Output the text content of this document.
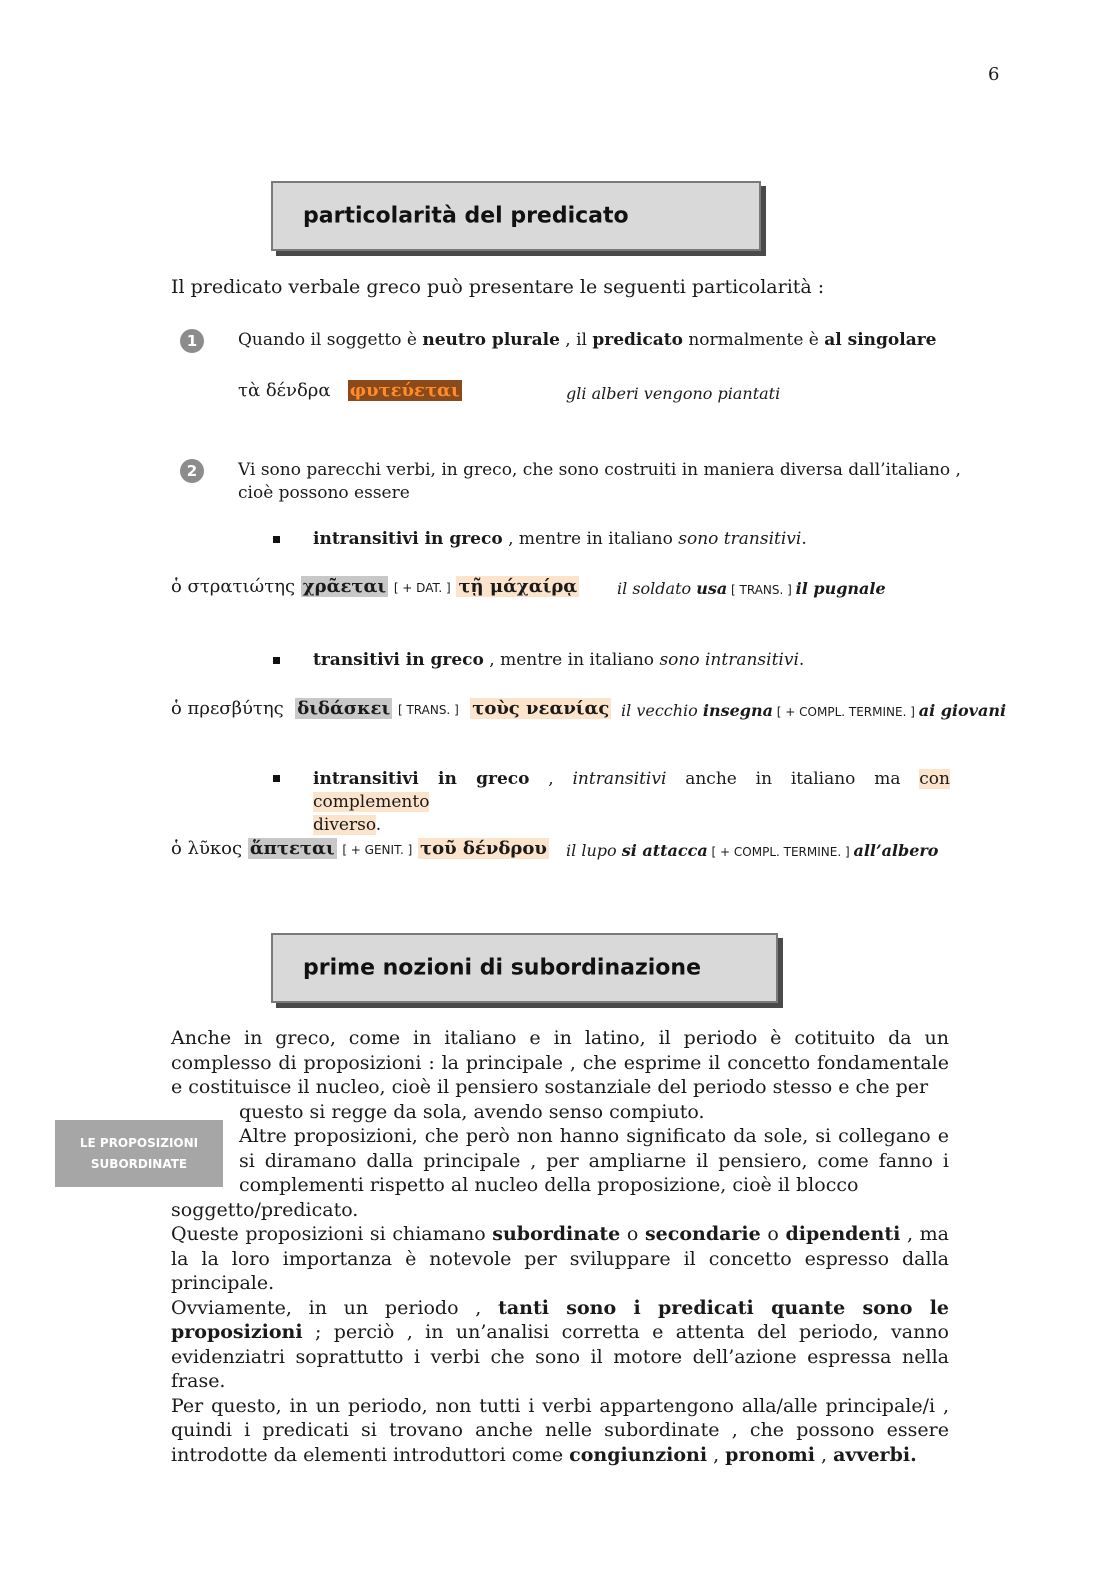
6
particolarità del predicato
Il predicato verbale greco può presentare le seguenti particolarità :
1	Quando il soggetto è neutro plurale , il predicato normalmente è al singolare
τὰ δένδρα φυτεύεται	gli alberi vengono piantati
2	Vi sono parecchi verbi, in greco, che sono costruiti in maniera diversa dall’italiano ,
cioè possono essere
intransitivi in greco , mentre in italiano sono transitivi.
ὁ στρατιώτης χρᾶεται [ + DAT. ] τῇ μάχαίρᾳ il soldato usa [ TRANS. ] il pugnale
transitivi in greco , mentre in italiano sono intransitivi.
ὁ πρεσβύτης διδάσκει [ TRANS. ] τοὺς νεανίας il vecchio insegna [ + COMPL. TERMINE. ] ai giovani
intransitivi in greco , intransitivi anche in italiano ma con complemento
diverso.
ὁ λῦκος ἅπτεται [ + GENIT. ] τοῦ δένδρου il lupo si attacca [ + COMPL. TERMINE. ] all’albero
prime nozioni di subordinazione
LE PROPOSIZIONI
SUBORDINATE

Anche in greco, come in italiano e in latino, il periodo è cotituito da un complesso di proposizioni : la principale , che esprime il concetto fondamentale e costituisce il nucleo, cioè il pensiero sostanziale del periodo stesso e che per

questo si regge da sola, avendo senso compiuto.

Altre proposizioni, che però non hanno significato da sole, si collegano e si diramano dalla principale , per ampliarne il pensiero, come fanno i complementi rispetto al nucleo della proposizione, cioè il blocco

soggetto/predicato.

Queste proposizioni si chiamano subordinate o secondarie o dipendenti , ma la la loro importanza è notevole per sviluppare il concetto espresso dalla principale.

Ovviamente, in un periodo , tanti sono i predicati quante sono le proposizioni ; perciò , in un’analisi corretta e attenta del periodo, vanno evidenziatri soprattutto i verbi che sono il motore dell’azione espressa nella frase.

Per questo, in un periodo, non tutti i verbi appartengono alla/alle principale/i , quindi i predicati si trovano anche nelle subordinate , che possono essere introdotte da elementi introduttori come congiunzioni , pronomi , avverbi.
